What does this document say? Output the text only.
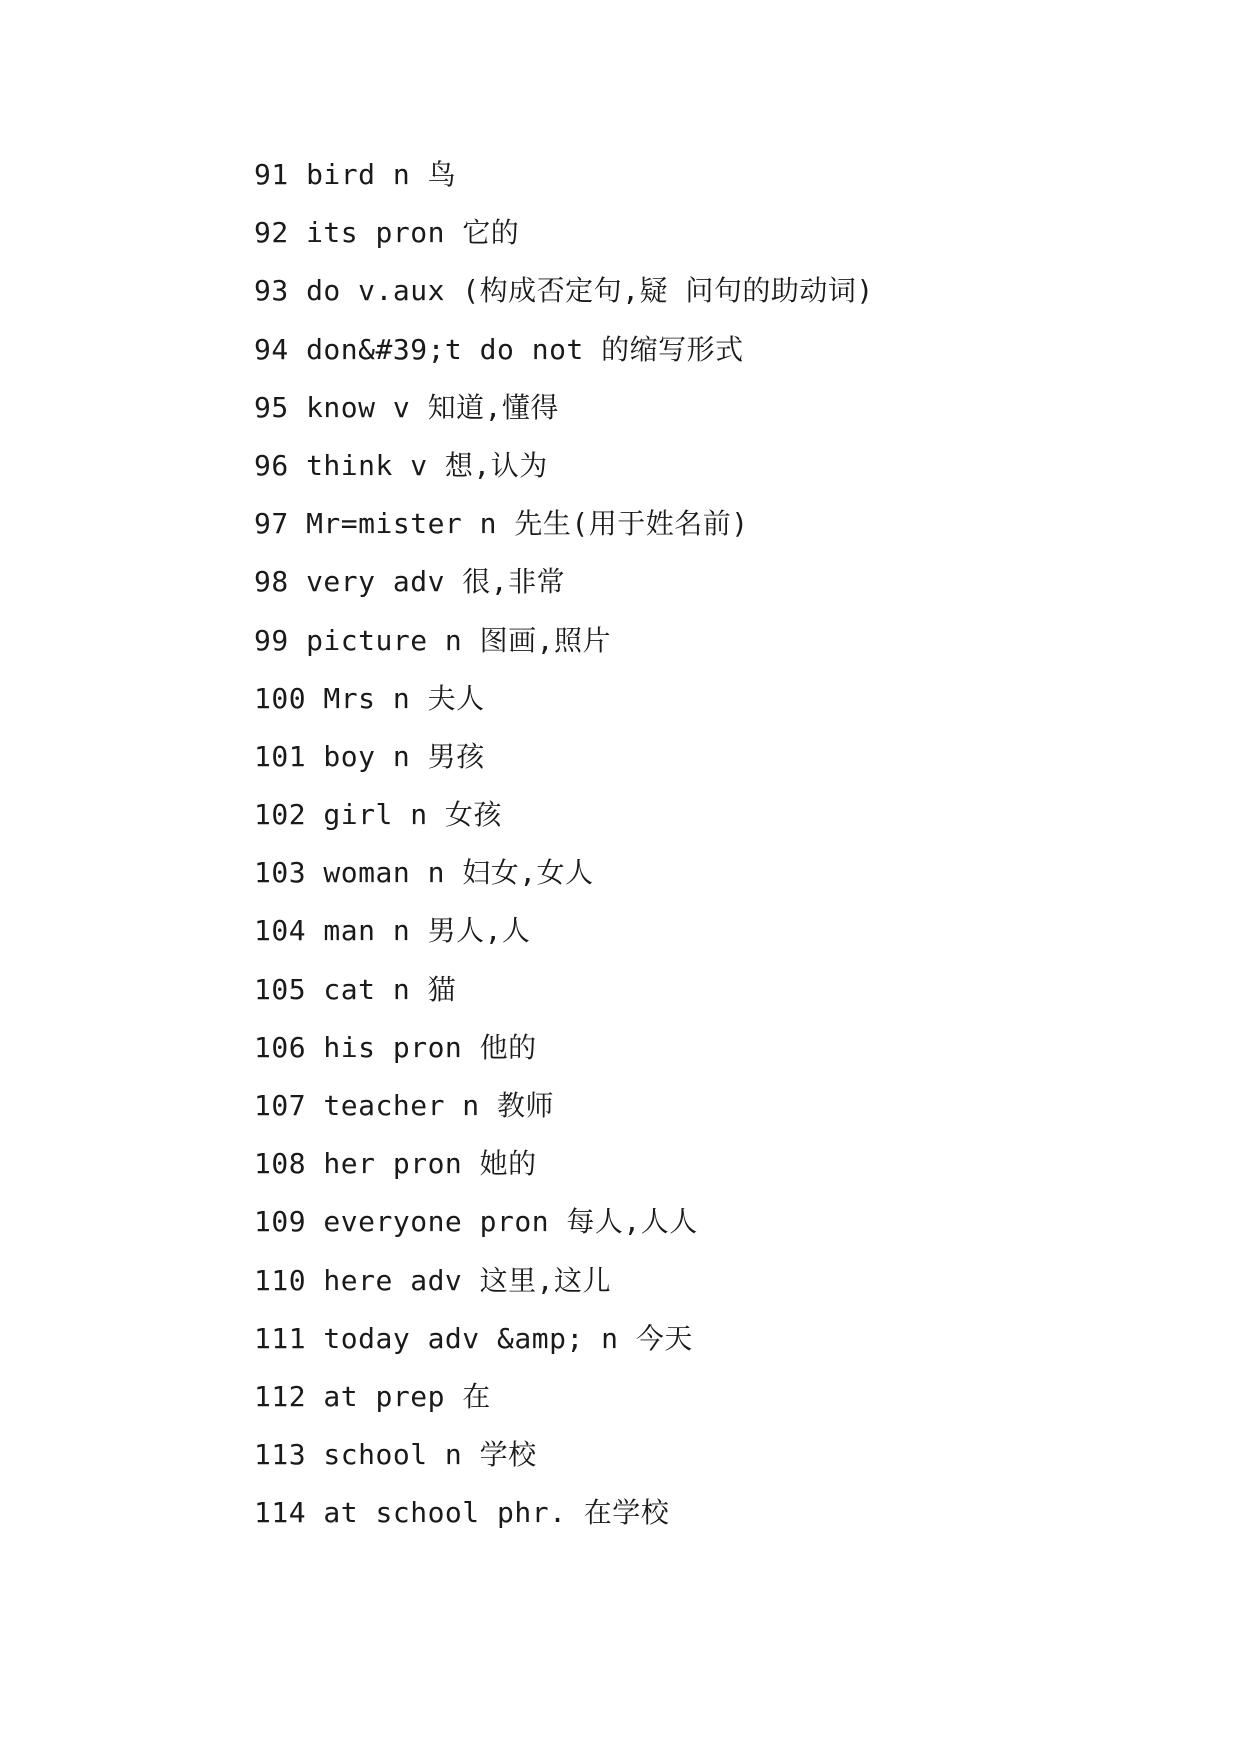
91 bird n 鸟
92 its pron 它的
93 do v.aux (构成否定句,疑 问句的助动词)
94 don&#39;t do not 的缩写形式
95 know v 知道,懂得
96 think v 想,认为
97 Mr=mister n 先生(用于姓名前)
98 very adv 很,非常
99 picture n 图画,照片
100 Mrs n 夫人
101 boy n 男孩
102 girl n 女孩
103 woman n 妇女,女人
104 man n 男人,人
105 cat n 猫
106 his pron 他的
107 teacher n 教师
108 her pron 她的
109 everyone pron 每人,人人
110 here adv 这里,这儿
111 today adv &amp; n 今天
112 at prep 在
113 school n 学校
114 at school phr. 在学校
